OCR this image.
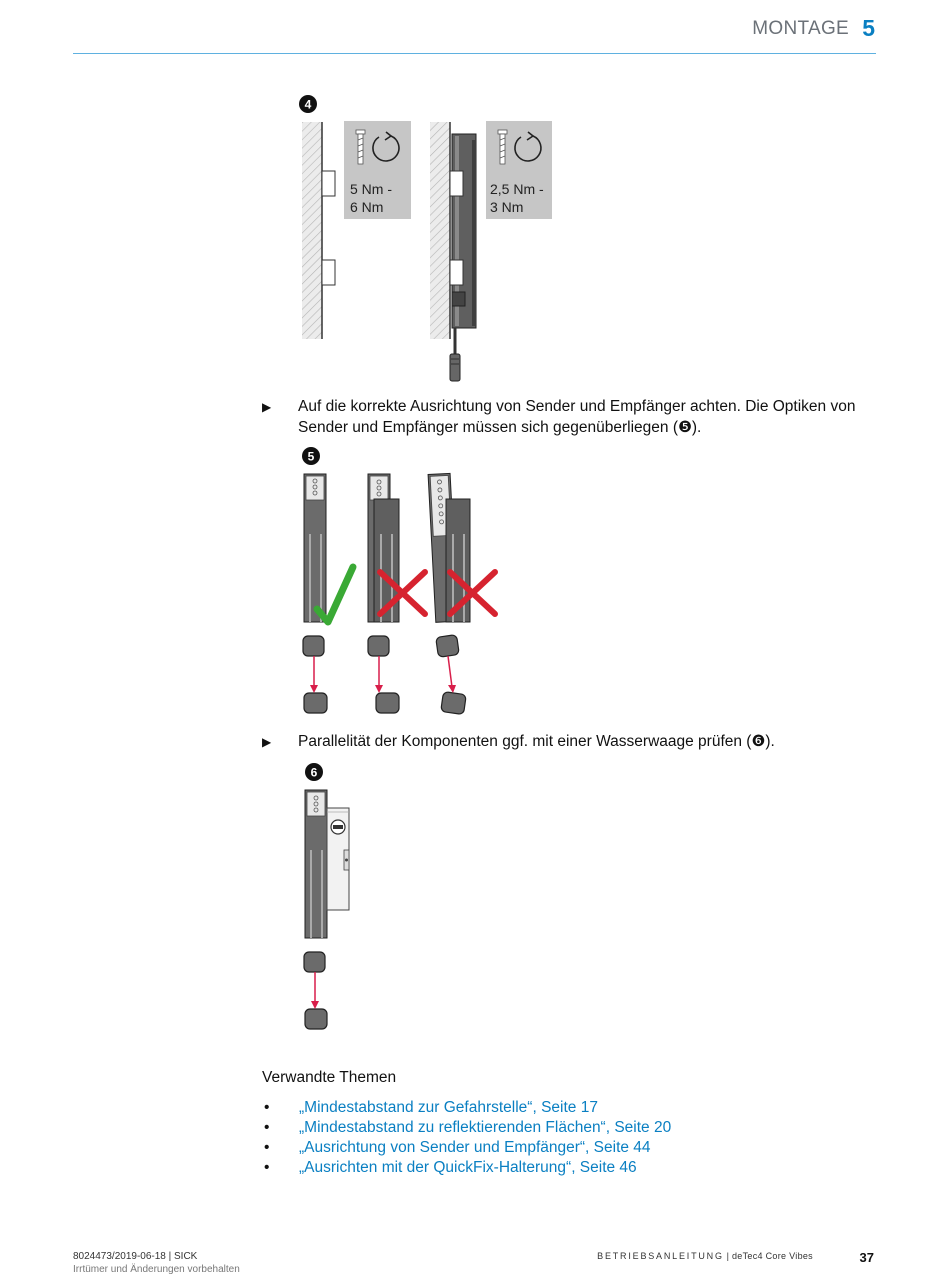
MONTAGE 5
4
5 Nm -
6 Nm
2,5 Nm -
3 Nm
▶ Auf die korrekte Ausrichtung von Sender und Empfänger achten. Die Optiken von Sender und Empfänger müssen sich gegenüberliegen (❺).
5
▶ Parallelität der Komponenten ggf. mit einer Wasserwaage prüfen (❻).
6
Verwandte Themen
• „Mindestabstand zur Gefahrstelle“, Seite 17
• „Mindestabstand zu reflektierenden Flächen“, Seite 20
• „Ausrichtung von Sender und Empfänger“, Seite 44
• „Ausrichten mit der QuickFix-Halterung“, Seite 46
8024473/2019-06-18 | SICK
Irrtümer und Änderungen vorbehalten
BETRIEBSANLEITUNG | deTec4 Core Vibes	37
